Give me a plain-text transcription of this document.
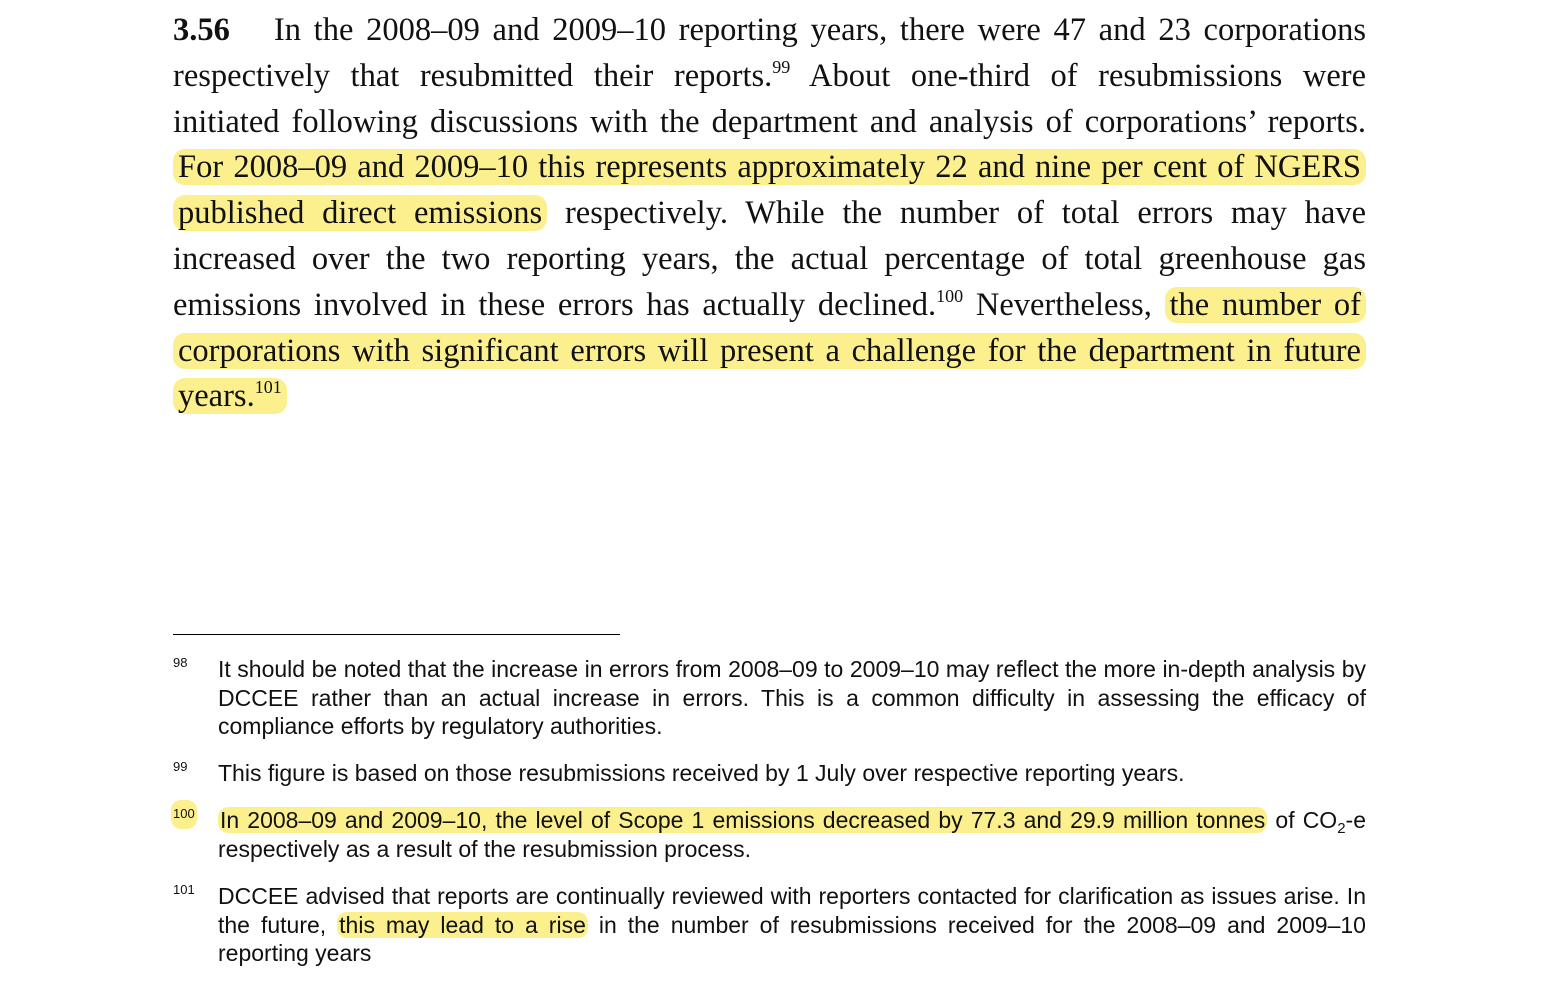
3.56 In the 2008–09 and 2009–10 reporting years, there were 47 and 23 corporations respectively that resubmitted their reports.$^{99}$ About one-third of resubmissions were initiated following discussions with the department and analysis of corporations’ reports. For 2008–09 and 2009–10 this represents approximately 22 and nine per cent of NGERS published direct emissions respectively. While the number of total errors may have increased over the two reporting years, the actual percentage of total greenhouse gas emissions involved in these errors has actually declined.$^{100}$ Nevertheless, the number of corporations with significant errors will present a challenge for the department in future years.$^{101}$

98 It should be noted that the increase in errors from 2008–09 to 2009–10 may reflect the more in-depth analysis by DCCEE rather than an actual increase in errors. This is a common difficulty in assessing the efficacy of compliance efforts by regulatory authorities.
99 This figure is based on those resubmissions received by 1 July over respective reporting years.
100 In 2008–09 and 2009–10, the level of Scope 1 emissions decreased by 77.3 and 29.9 million tonnes of $CO_2-e$ respectively as a result of the resubmission process.
101 DCCEE advised that reports are continually reviewed with reporters contacted for clarification as issues arise. In the future, this may lead to a rise in the number of resubmissions received for the 2008–09 and 2009–10 reporting years
